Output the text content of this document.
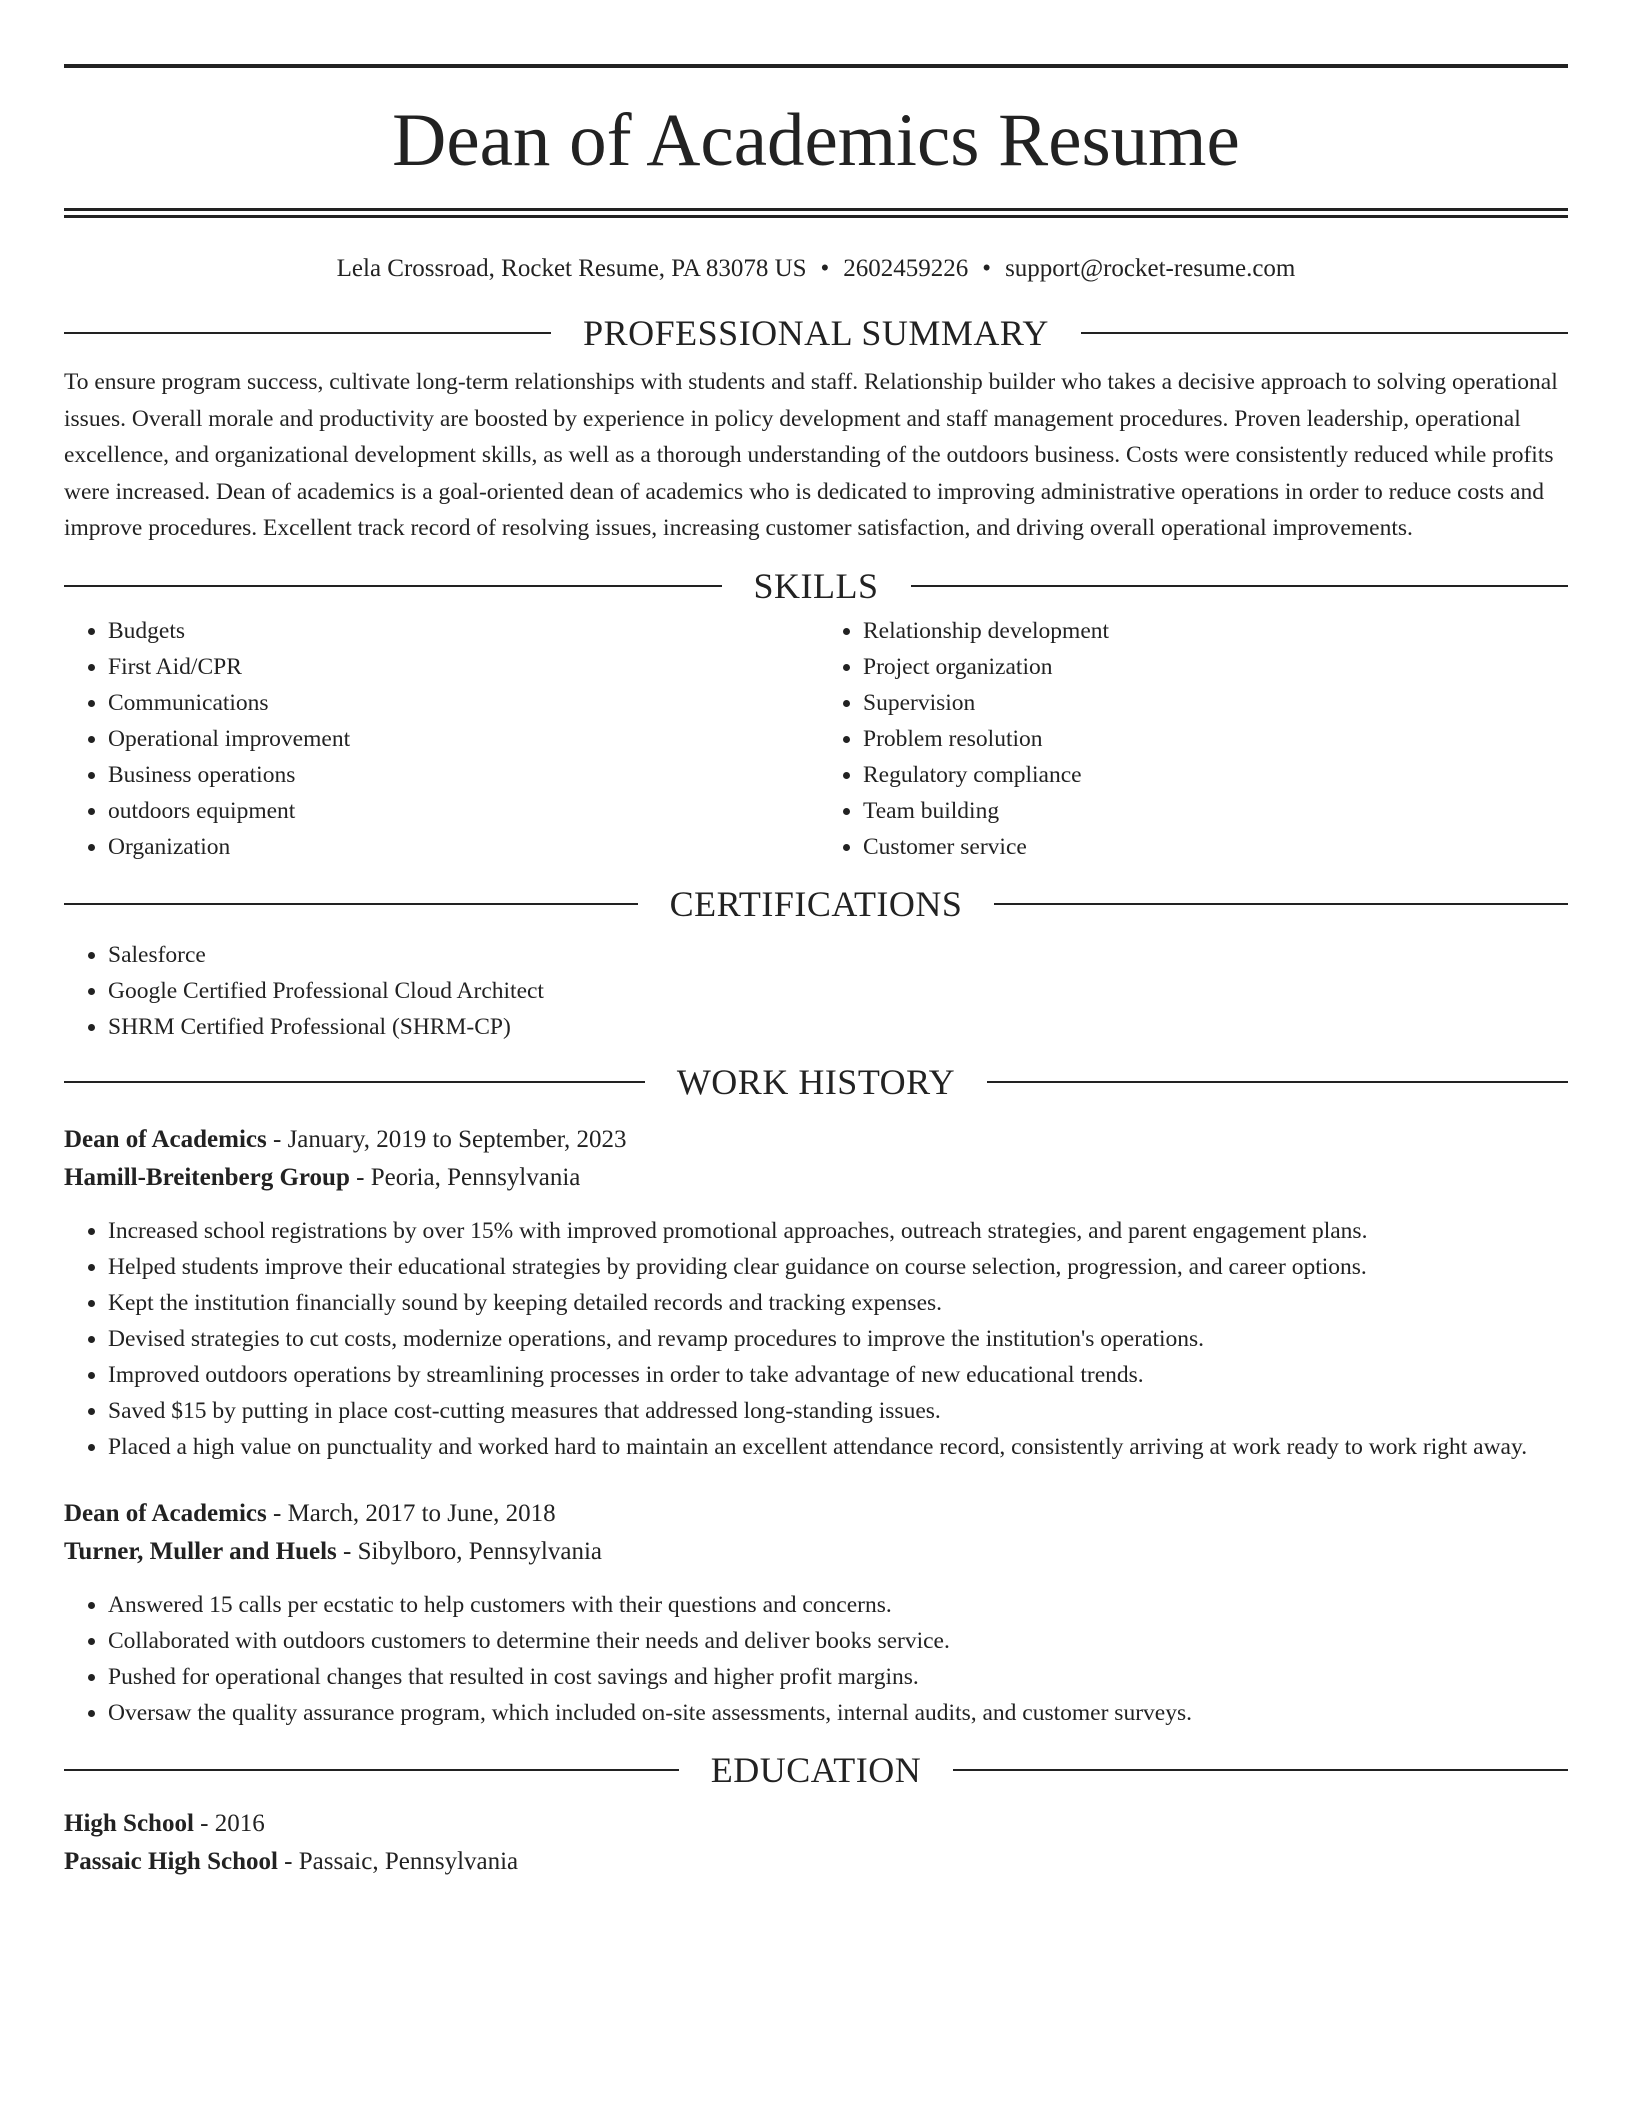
Dean of Academics Resume
Lela Crossroad, Rocket Resume, PA 83078 US • 2602459226 • support@rocket-resume.com
PROFESSIONAL SUMMARY

To ensure program success, cultivate long-term relationships with students and staff. Relationship builder who takes a decisive approach to solving operational issues. Overall morale and productivity are boosted by experience in policy development and staff management procedures. Proven leadership, operational excellence, and organizational development skills, as well as a thorough understanding of the outdoors business. Costs were consistently reduced while profits were increased. Dean of academics is a goal-oriented dean of academics who is dedicated to improving administrative operations in order to reduce costs and improve procedures. Excellent track record of resolving issues, increasing customer satisfaction, and driving overall operational improvements.

SKILLS
• Budgets
• First Aid/CPR
• Communications
• Operational improvement
• Business operations
• outdoors equipment
• Organization
• Relationship development
• Project organization
• Supervision
• Problem resolution
• Regulatory compliance
• Team building
• Customer service
CERTIFICATIONS
• Salesforce
• Google Certified Professional Cloud Architect
• SHRM Certified Professional (SHRM-CP)
WORK HISTORY
Dean of Academics - January, 2019 to September, 2023
Hamill-Breitenberg Group - Peoria, Pennsylvania
• Increased school registrations by over 15% with improved promotional approaches, outreach strategies, and parent engagement plans.
• Helped students improve their educational strategies by providing clear guidance on course selection, progression, and career options.
• Kept the institution financially sound by keeping detailed records and tracking expenses.
• Devised strategies to cut costs, modernize operations, and revamp procedures to improve the institution's operations.
• Improved outdoors operations by streamlining processes in order to take advantage of new educational trends.
• Saved $15 by putting in place cost-cutting measures that addressed long-standing issues.
• Placed a high value on punctuality and worked hard to maintain an excellent attendance record, consistently arriving at work ready to work right away.
Dean of Academics - March, 2017 to June, 2018
Turner, Muller and Huels - Sibylboro, Pennsylvania
• Answered 15 calls per ecstatic to help customers with their questions and concerns.
• Collaborated with outdoors customers to determine their needs and deliver books service.
• Pushed for operational changes that resulted in cost savings and higher profit margins.
• Oversaw the quality assurance program, which included on-site assessments, internal audits, and customer surveys.
EDUCATION
High School - 2016
Passaic High School - Passaic, Pennsylvania
